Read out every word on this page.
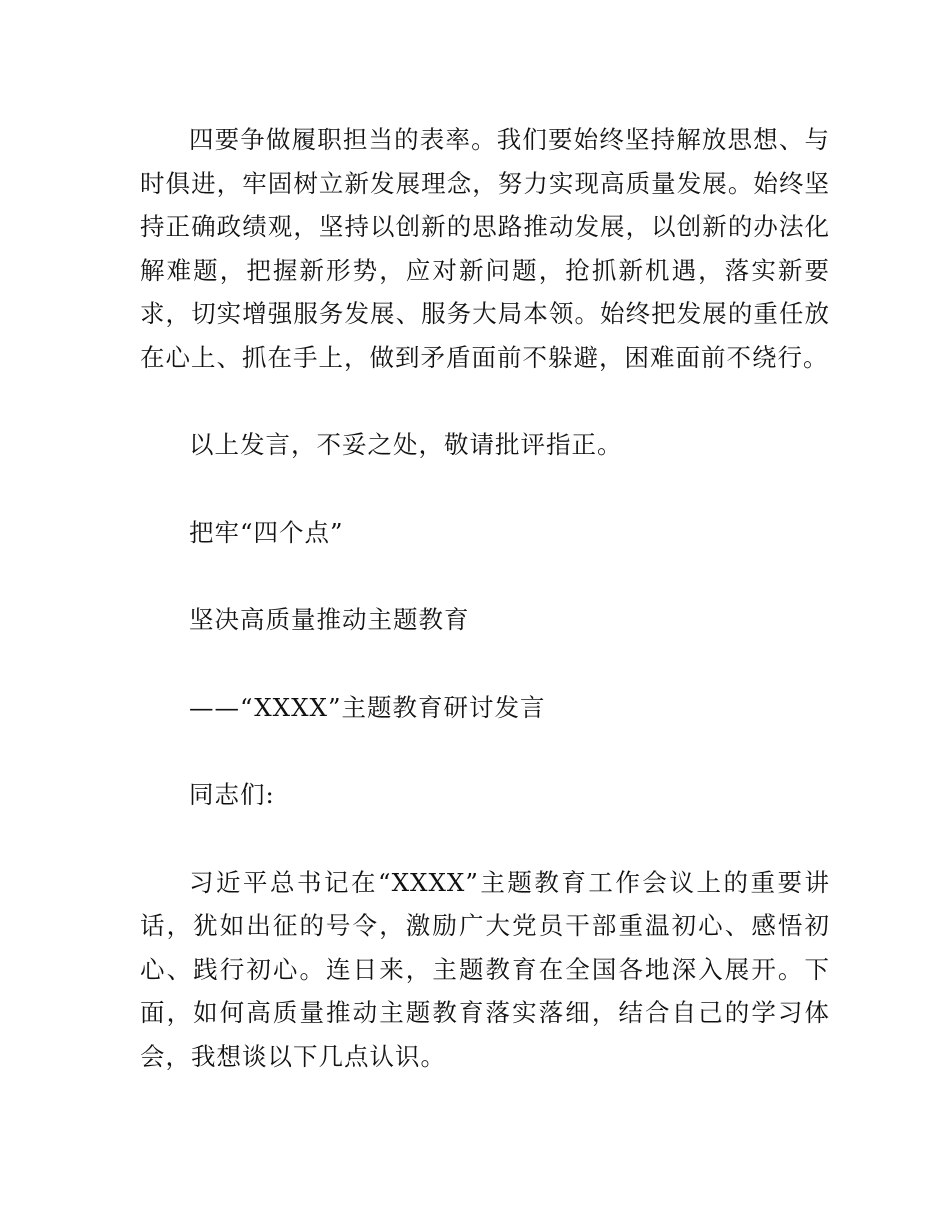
四要争做履职担当的表率。我们要始终坚持解放思想、与时俱进，牢固树立新发展理念，努力实现高质量发展。始终坚持正确政绩观，坚持以创新的思路推动发展，以创新的办法化解难题，把握新形势，应对新问题，抢抓新机遇，落实新要求，切实增强服务发展、服务大局本领。始终把发展的重任放在心上、抓在手上，做到矛盾面前不躲避，困难面前不绕行。

以上发言，不妥之处，敬请批评指正。

把牢“四个点”

坚决高质量推动主题教育

——“XXXX”主题教育研讨发言

同志们:

习近平总书记在“XXXX”主题教育工作会议上的重要讲话，犹如出征的号令，激励广大党员干部重温初心、感悟初心、践行初心。连日来，主题教育在全国各地深入展开。下面，如何高质量推动主题教育落实落细，结合自己的学习体会，我想谈以下几点认识。
